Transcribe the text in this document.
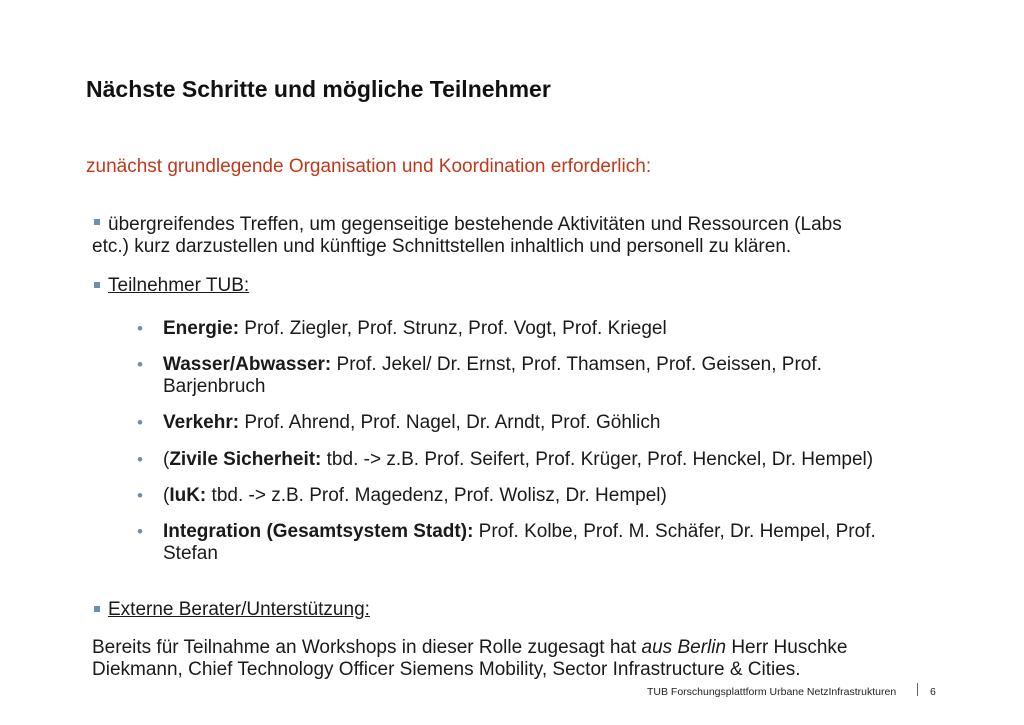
Nächste Schritte und mögliche Teilnehmer
zunächst grundlegende Organisation und Koordination erforderlich:
übergreifendes Treffen, um gegenseitige bestehende Aktivitäten und Ressourcen (Labs
etc.) kurz darzustellen und künftige Schnittstellen inhaltlich und personell zu klären.
Teilnehmer TUB:
• Energie: Prof. Ziegler, Prof. Strunz, Prof. Vogt, Prof. Kriegel
• Wasser/Abwasser: Prof. Jekel/ Dr. Ernst, Prof. Thamsen, Prof. Geissen, Prof.
Barjenbruch
• Verkehr: Prof. Ahrend, Prof. Nagel, Dr. Arndt, Prof. Göhlich
• (Zivile Sicherheit: tbd. -> z.B. Prof. Seifert, Prof. Krüger, Prof. Henckel, Dr. Hempel)
• (IuK: tbd. -> z.B. Prof. Magedenz, Prof. Wolisz, Dr. Hempel)
• Integration (Gesamtsystem Stadt): Prof. Kolbe, Prof. M. Schäfer, Dr. Hempel, Prof.
Stefan
Externe Berater/Unterstützung:
Bereits für Teilnahme an Workshops in dieser Rolle zugesagt hat aus Berlin Herr Huschke
Diekmann, Chief Technology Officer Siemens Mobility, Sector Infrastructure & Cities.
TUB Forschungsplattform Urbane NetzInfrastrukturen	6
